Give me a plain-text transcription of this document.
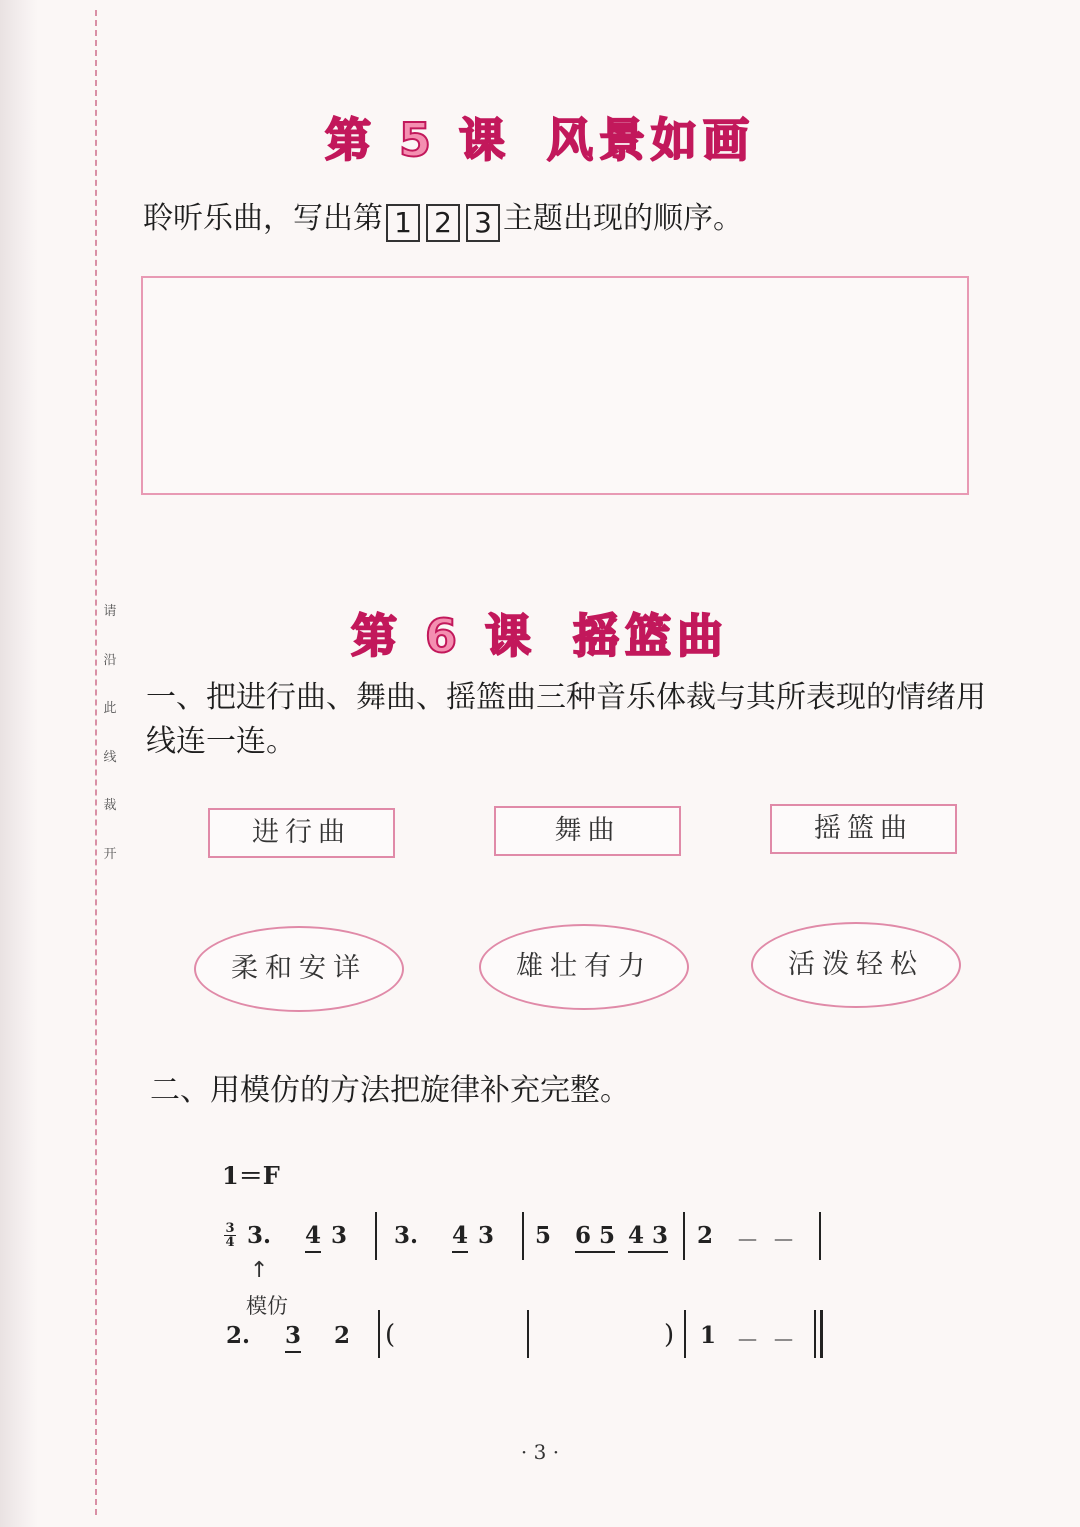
请
沿
此
线
裁
开
第 5 课 风景如画
聆听乐曲，写出第 1 2 3 主题出现的顺序。
第 6 课 摇篮曲
一、把进行曲、舞曲、摇篮曲三种音乐体裁与其所表现的情绪用线连一连。
进行曲	舞曲	摇篮曲
柔和安详	雄壮有力	活泼轻松
二、用模仿的方法把旋律补充完整。
1＝F
3
4 3. 4 3 3. 4 3 5 6 5 4 3 2 － －
↑
模仿
2. 3 2 (	) 1 － －
· 3 ·
